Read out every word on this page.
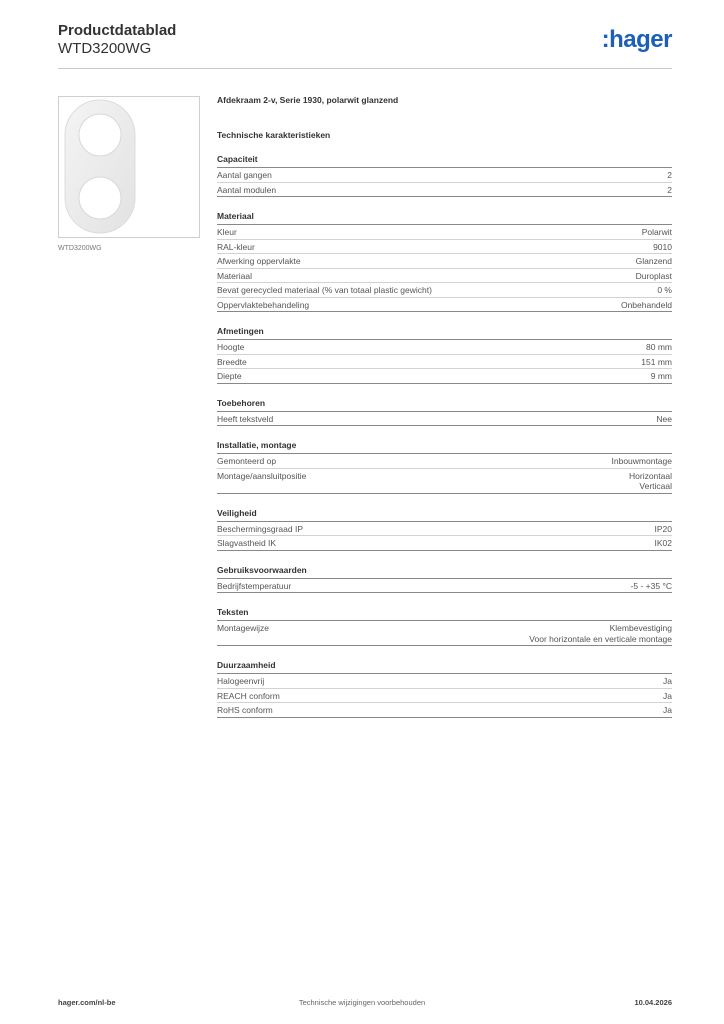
Productdatablad
WTD3200WG	:hager
WTD3200WG
Afdekraam 2-v, Serie 1930, polarwit glanzend
Technische karakteristieken
Capaciteit
Aantal gangen	2
Aantal modulen	2
Materiaal
Kleur	Polarwit
RAL-kleur	9010
Afwerking oppervlakte	Glanzend
Materiaal	Duroplast
Bevat gerecycled materiaal (% van totaal plastic gewicht)	0 %
Oppervlaktebehandeling	Onbehandeld
Afmetingen
Hoogte	80 mm
Breedte	151 mm
Diepte	9 mm
Toebehoren
Heeft tekstveld	Nee
Installatie, montage
Gemonteerd op	Inbouwmontage
Montage/aansluitpositie	Horizontaal
Verticaal
Veiligheid
Beschermingsgraad IP	IP20
Slagvastheid IK	IK02
Gebruiksvoorwaarden
Bedrijfstemperatuur	-5 - +35 °C
Teksten
Montagewijze	Klembevestiging
Voor horizontale en verticale montage
Duurzaamheid
Halogeenvrij	Ja
REACH conform	Ja
RoHS conform	Ja
hager.com/nl-be	Technische wijzigingen voorbehouden	10.04.2026
